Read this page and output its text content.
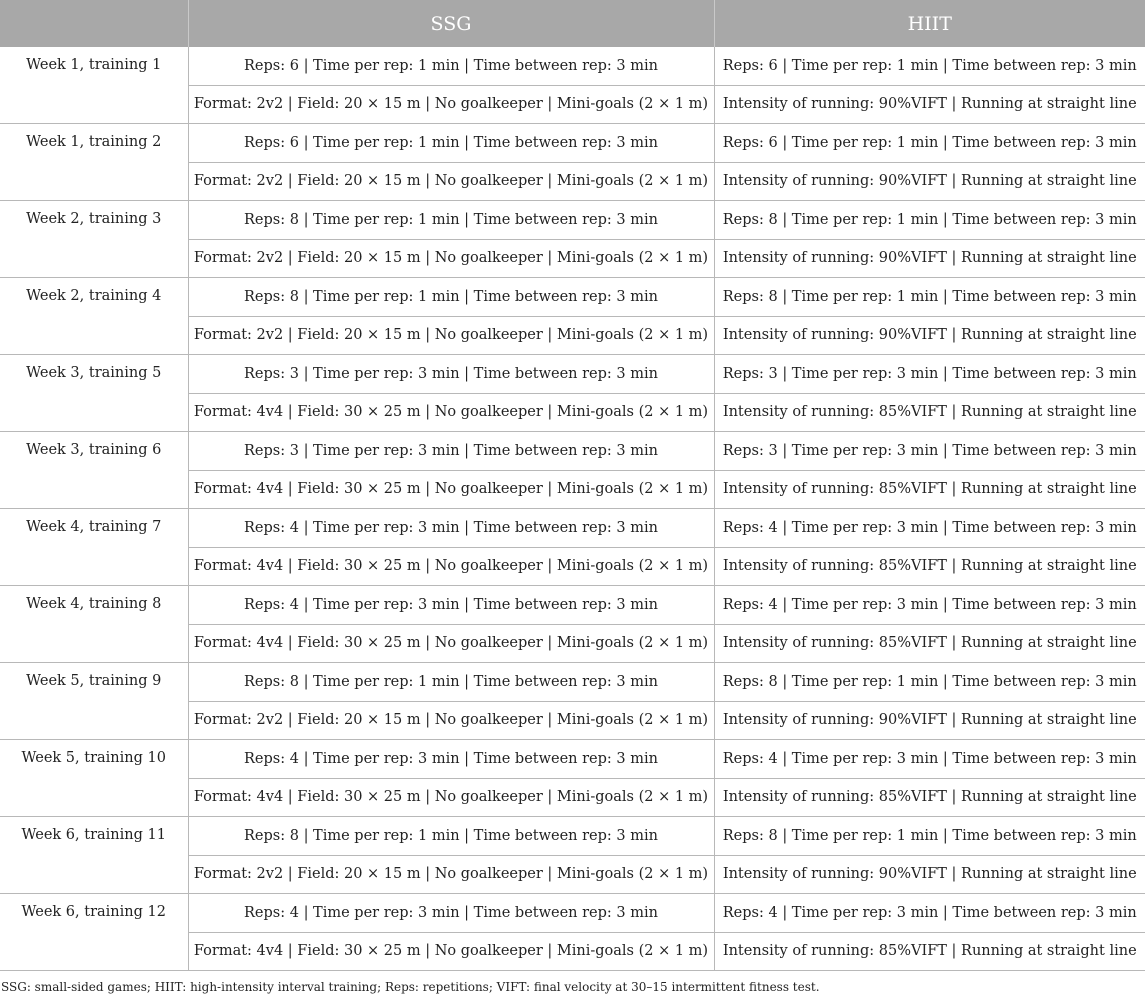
	SSG	HIIT
Week 1, training 1	Reps: 6 | Time per rep: 1 min | Time between rep: 3 min	Reps: 6 | Time per rep: 1 min | Time between rep: 3 min
	Format: 2v2 | Field: 20 × 15 m | No goalkeeper | Mini-goals (2 × 1 m)	Intensity of running: 90%VIFT | Running at straight line
Week 1, training 2	Reps: 6 | Time per rep: 1 min | Time between rep: 3 min	Reps: 6 | Time per rep: 1 min | Time between rep: 3 min
	Format: 2v2 | Field: 20 × 15 m | No goalkeeper | Mini-goals (2 × 1 m)	Intensity of running: 90%VIFT | Running at straight line
Week 2, training 3	Reps: 8 | Time per rep: 1 min | Time between rep: 3 min	Reps: 8 | Time per rep: 1 min | Time between rep: 3 min
	Format: 2v2 | Field: 20 × 15 m | No goalkeeper | Mini-goals (2 × 1 m)	Intensity of running: 90%VIFT | Running at straight line
Week 2, training 4	Reps: 8 | Time per rep: 1 min | Time between rep: 3 min	Reps: 8 | Time per rep: 1 min | Time between rep: 3 min
	Format: 2v2 | Field: 20 × 15 m | No goalkeeper | Mini-goals (2 × 1 m)	Intensity of running: 90%VIFT | Running at straight line
Week 3, training 5	Reps: 3 | Time per rep: 3 min | Time between rep: 3 min	Reps: 3 | Time per rep: 3 min | Time between rep: 3 min
	Format: 4v4 | Field: 30 × 25 m | No goalkeeper | Mini-goals (2 × 1 m)	Intensity of running: 85%VIFT | Running at straight line
Week 3, training 6	Reps: 3 | Time per rep: 3 min | Time between rep: 3 min	Reps: 3 | Time per rep: 3 min | Time between rep: 3 min
	Format: 4v4 | Field: 30 × 25 m | No goalkeeper | Mini-goals (2 × 1 m)	Intensity of running: 85%VIFT | Running at straight line
Week 4, training 7	Reps: 4 | Time per rep: 3 min | Time between rep: 3 min	Reps: 4 | Time per rep: 3 min | Time between rep: 3 min
	Format: 4v4 | Field: 30 × 25 m | No goalkeeper | Mini-goals (2 × 1 m)	Intensity of running: 85%VIFT | Running at straight line
Week 4, training 8	Reps: 4 | Time per rep: 3 min | Time between rep: 3 min	Reps: 4 | Time per rep: 3 min | Time between rep: 3 min
	Format: 4v4 | Field: 30 × 25 m | No goalkeeper | Mini-goals (2 × 1 m)	Intensity of running: 85%VIFT | Running at straight line
Week 5, training 9	Reps: 8 | Time per rep: 1 min | Time between rep: 3 min	Reps: 8 | Time per rep: 1 min | Time between rep: 3 min
	Format: 2v2 | Field: 20 × 15 m | No goalkeeper | Mini-goals (2 × 1 m)	Intensity of running: 90%VIFT | Running at straight line
Week 5, training 10	Reps: 4 | Time per rep: 3 min | Time between rep: 3 min	Reps: 4 | Time per rep: 3 min | Time between rep: 3 min
	Format: 4v4 | Field: 30 × 25 m | No goalkeeper | Mini-goals (2 × 1 m)	Intensity of running: 85%VIFT | Running at straight line
Week 6, training 11	Reps: 8 | Time per rep: 1 min | Time between rep: 3 min	Reps: 8 | Time per rep: 1 min | Time between rep: 3 min
	Format: 2v2 | Field: 20 × 15 m | No goalkeeper | Mini-goals (2 × 1 m)	Intensity of running: 90%VIFT | Running at straight line
Week 6, training 12	Reps: 4 | Time per rep: 3 min | Time between rep: 3 min	Reps: 4 | Time per rep: 3 min | Time between rep: 3 min
	Format: 4v4 | Field: 30 × 25 m | No goalkeeper | Mini-goals (2 × 1 m)	Intensity of running: 85%VIFT | Running at straight line
SSG: small-sided games; HIIT: high-intensity interval training; Reps: repetitions; VIFT: final velocity at 30–15 intermittent fitness test.
